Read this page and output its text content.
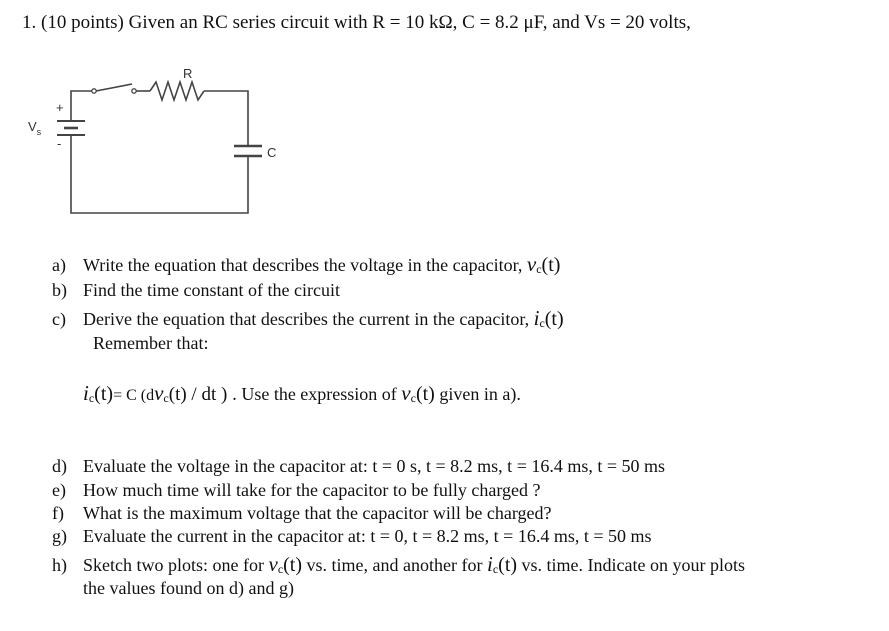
1. (10 points) Given an RC series circuit with R = 10 kΩ, C = 8.2 μF, and Vs = 20 volts,
R
C
$V_s$
+
-
a) Write the equation that describes the voltage in the capacitor, vc(t)
b) Find the time constant of the circuit
c) Derive the equation that describes the current in the capacitor, ic(t)
Remember that:
ic(t)= C (dvc(t) / dt ) . Use the expression of vc(t) given in a).
d) Evaluate the voltage in the capacitor at: t = 0 s, t = 8.2 ms, t = 16.4 ms, t = 50 ms
e) How much time will take for the capacitor to be fully charged ?
f) What is the maximum voltage that the capacitor will be charged?
g) Evaluate the current in the capacitor at: t = 0, t = 8.2 ms, t = 16.4 ms, t = 50 ms
h) Sketch two plots: one for vc(t) vs. time, and another for ic(t) vs. time. Indicate on your plots
the values found on d) and g)
